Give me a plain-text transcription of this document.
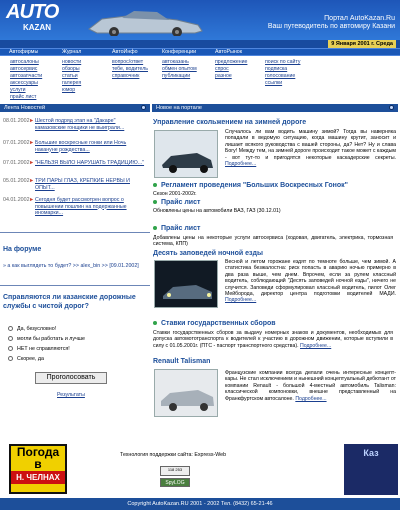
AUTO
KAZAN
Портал AutoKazan.Ru
Ваш путеводитель по автомиру Казани
9 Января 2001 г. Среда
Автофирмы	Журнал	АвтоИнфо	Конференции	АвтоРынок
автосалоны
автосервис
автозапчасти
аксессуары
услуги
прайс лист
новости
обзоры
статьи
галерея
юмор
вопрос/ответ
тебе, водитель
справочник
автоказань
обмен опытом
публикации
предложение
спрос
разное
поиск по сайту
подписка
голосование
ссылки
Лента Новостей	Новое на портале
08.01.2002 ► Шестой подряд этап на "Дакаре" камазовские гонщики не выиграли...
07.01.2002 ► Большие воскресные гонки или Ночь накануне рождества...
07.01.2002 ► "НЕЛЬЗЯ ВЫЛО НАРУШАТЬ ТРАДИЦИЮ..."
05.01.2002 ► ТРИ ПАРЫ ГЛАЗ, КРЕПКИЕ НЕРВЫ И ОПЫТ...
04.01.2002 ► Сегодня будет рассмотрен вопрос о повышении пошлин на подержанные иномарки...
На форуме
» а как выглядеть то будет? >> alex_bin >> [09.01.2002]
Справляются ли казанские дорожные службы с чистой дорог?
Да, безусловно!
могли бы работать и лучше
НЕТ не справляются!
Скорее, да
Проголосовать
Результаты
Управление скольжением на зимней дороге
Случалось ли вам водить машину зимой? Тогда вы наверняка попадали в ведомую ситуацию, когда машину крутит, заносит и лишает всякого руководства с вашей стороны, да? Нет? Ну и слава Богу! Между тем, на зимней дороге происходит такое может с каждым - вот тут-то и пригодятся некоторые каскадерские секреты. Подробнее...
Регламент проведения "Больших Воскресных Гонок"
Сезон 2001-2002г.
Прайс лист
Обновлены цены на автомобили ВАЗ, ГАЗ (30.12.01)
Прайс лист
Добавлены цены на некоторые услуги автосервиса (ходовая, двигатель, электрика, тормозная система, КПП)
Десять заповедей ночной езды
Весной и летом горожане ездят по темноте больше, чем зимой. А статистика безжалостна: риск попасть в аварию ночью примерно в два раза выше, чем днем. Впрочем, если за рулем классный водитель, соблюдающий "Десять заповедей ночной езды", ничего не случится. Заповеди сформулировал классный водитель, пилот Олег Мейборода, директор центра подготовки водителей МАДИ. Подробнее...
Ставки государственных сборов
Ставки государственных сборов за выдачу номерных знаков и документов, необходимых для допуска автомототранспорта к водителей к участию в дорожном движении, которые вступили в силу с 01.05.2001г. (ПТС - паспорт транспортного средства). Подробнее...
Renault Talisman
Французские компании всегда делали очень интересные концепт-кары. Не стал исключением и нынешний концептуальный дебютант от компании Renault - большой 4-местный автомобиль Talisman: классической компоновки, внешне представленный на Франкфуртском автосалоне. Подробнее...
Погода
в
Н. ЧЕЛНАХ
Технология поддержки сайта: Express-Web
118 253
SpyLOG
Каз
Copyright AutoKazan.RU 2001 - 2002 Тел. (8432) 65-21-46
